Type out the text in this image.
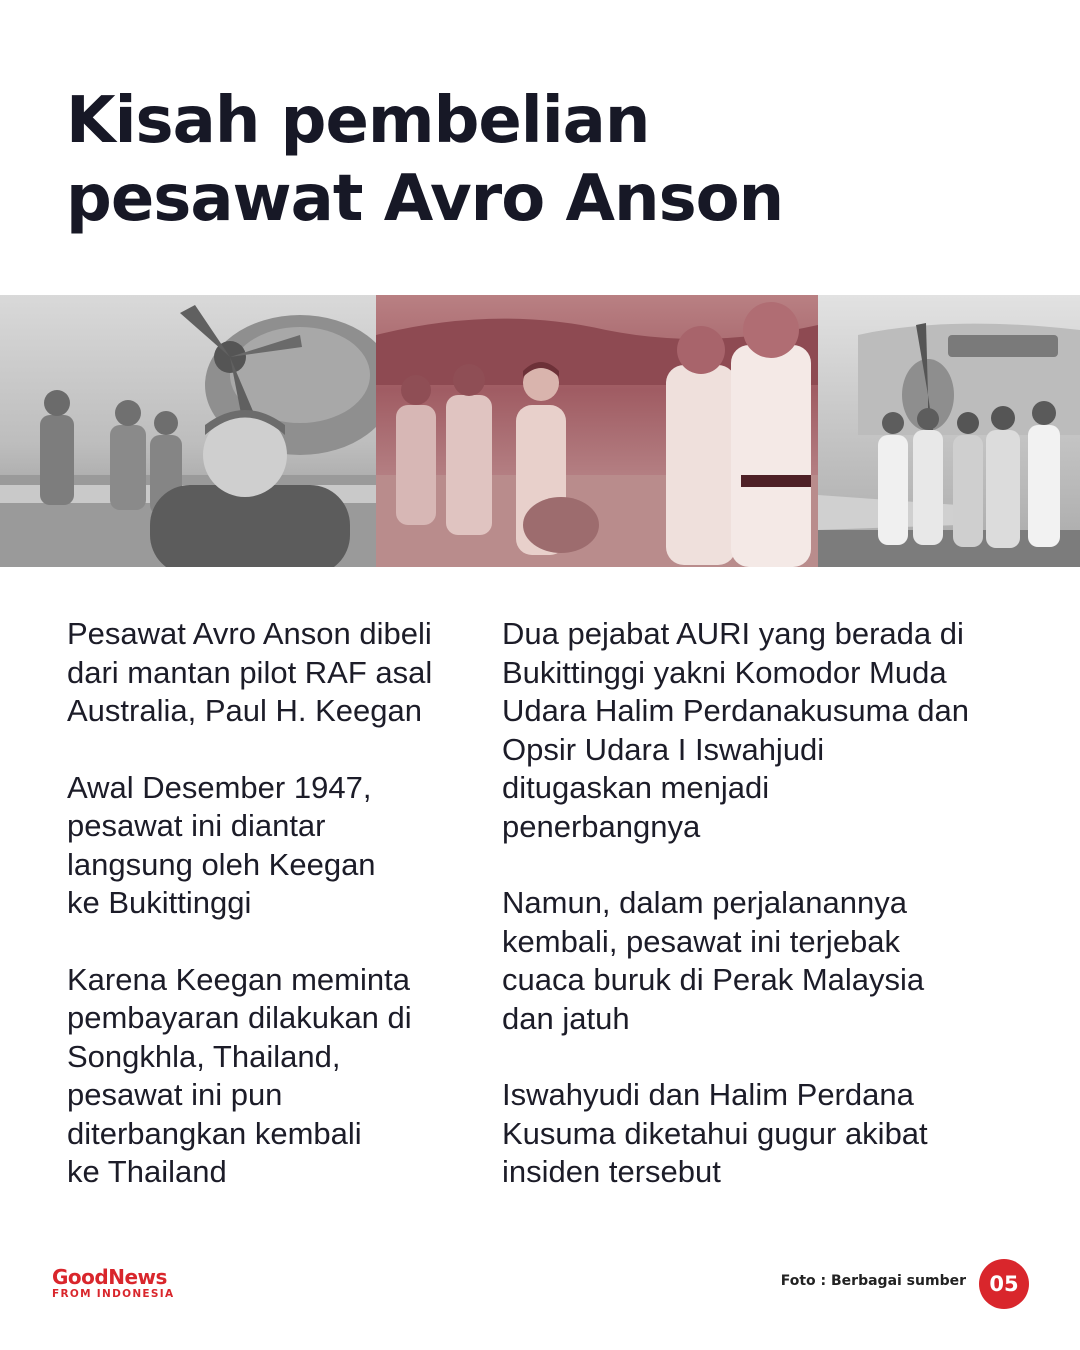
Kisah pembelian
pesawat Avro Anson

Pesawat Avro Anson dibeli
dari mantan pilot RAF asal
Australia, Paul H. Keegan

Awal Desember 1947,
pesawat ini diantar
langsung oleh Keegan
ke Bukittinggi

Karena Keegan meminta
pembayaran dilakukan di
Songkhla, Thailand,
pesawat ini pun
diterbangkan kembali
ke Thailand

Dua pejabat AURI yang berada di
Bukittinggi yakni Komodor Muda
Udara Halim Perdanakusuma dan
Opsir Udara I Iswahjudi
ditugaskan menjadi
penerbangnya

Namun, dalam perjalanannya
kembali, pesawat ini terjebak
cuaca buruk di Perak Malaysia
dan jatuh

Iswahyudi dan Halim Perdana
Kusuma diketahui gugur akibat
insiden tersebut

GoodNews
FROM INDONESIA
Foto : Berbagai sumber	05
